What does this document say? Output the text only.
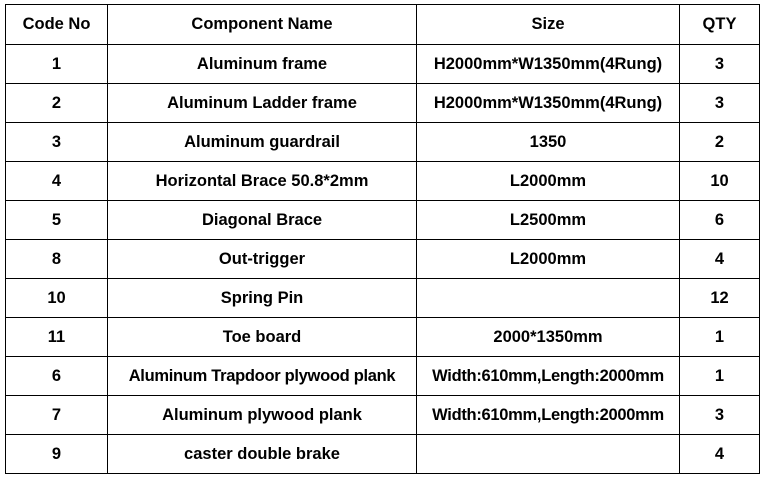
Code No	Component Name	Size	QTY
1	Aluminum frame	H2000mm*W1350mm(4Rung)	3
2	Aluminum Ladder frame	H2000mm*W1350mm(4Rung)	3
3	Aluminum guardrail	1350	2
4	Horizontal Brace 50.8*2mm	L2000mm	10
5	Diagonal Brace	L2500mm	6
8	Out-trigger	L2000mm	4
10	Spring Pin		12
11	Toe board	2000*1350mm	1
6	Aluminum Trapdoor plywood plank	Width:610mm,Length:2000mm	1
7	Aluminum plywood plank	Width:610mm,Length:2000mm	3
9	caster double brake		4
